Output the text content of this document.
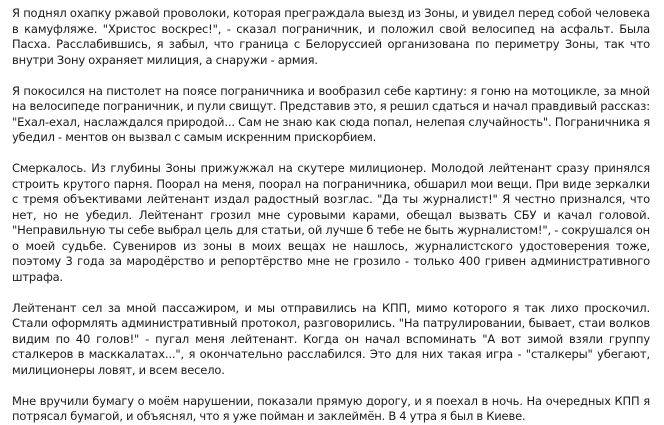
Я поднял охапку ржавой проволоки, которая преграждала выезд из Зоны, и увидел перед собой человека в камуфляже. "Христос воскрес!", - сказал пограничник, и положил свой велосипед на асфальт. Была Пасха. Расслабившись, я забыл, что граница с Белоруссией организована по периметру Зоны, так что внутри Зону охраняет милиция, а снаружи - армия.

Я покосился на пистолет на поясе пограничника и вообразил себе картину: я гоню на мотоцикле, за мной на велосипеде пограничник, и пули свищут. Представив это, я решил сдаться и начал правдивый рассказ: "Ехал-ехал, наслаждался природой... Сам не знаю как сюда попал, нелепая случайность". Пограничника я убедил - ментов он вызвал с самым искренним прискорбием.

Смеркалось. Из глубины Зоны прижужжал на скутере милиционер. Молодой лейтенант сразу принялся строить крутого парня. Поорал на меня, поорал на пограничника, обшарил мои вещи. При виде зеркалки с тремя объективами лейтенант издал радостный возглас. "Да ты журналист!" Я честно признался, что нет, но не убедил. Лейтенант грозил мне суровыми карами, обещал вызвать СБУ и качал головой. "Неправильную ты себе выбрал цель для статьи, ой лучше б тебе не быть журналистом!", - сокрушался он о моей судьбе. Сувениров из зоны в моих вещах не нашлось, журналистского удостоверения тоже, поэтому 3 года за мародёрство и репортёрство мне не грозило - только 400 гривен административного штрафа.

Лейтенант сел за мной пассажиром, и мы отправились на КПП, мимо которого я так лихо проскочил. Стали оформлять административный протокол, разговорились. "На патрулировании, бывает, стаи волков видим по 40 голов!" - пугал меня лейтенант. Когда он начал вспоминать "А вот зимой взяли группу сталкеров в масккалатах...", я окончательно расслабился. Это для них такая игра - "сталкеры" убегают, милиционеры ловят, и всем весело.

Мне вручили бумагу о моём нарушении, показали прямую дорогу, и я поехал в ночь. На очередных КПП я потрясал бумагой, и объяснял, что я уже пойман и заклеймён. В 4 утра я был в Киеве.
